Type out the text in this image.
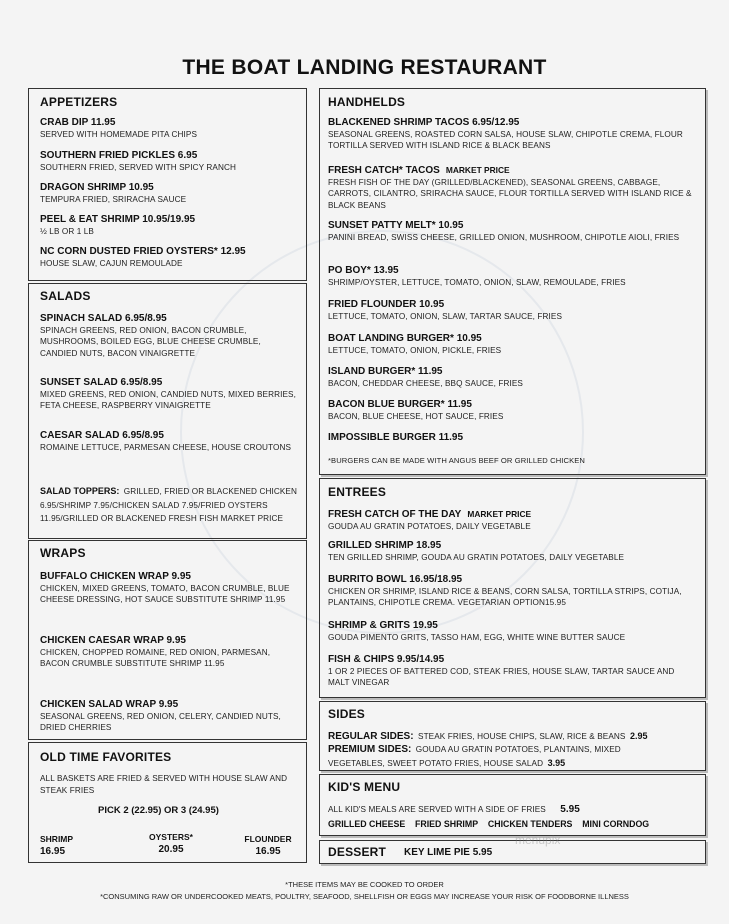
THE BOAT LANDING RESTAURANT
APPETIZERS
CRAB DIP 11.95
SERVED WITH HOMEMADE PITA CHIPS
SOUTHERN FRIED PICKLES 6.95
SOUTHERN FRIED, SERVED WITH SPICY RANCH
DRAGON SHRIMP 10.95
TEMPURA FRIED, SRIRACHA SAUCE
PEEL & EAT SHRIMP 10.95/19.95
½ LB OR 1 LB
NC CORN DUSTED FRIED OYSTERS* 12.95
HOUSE SLAW, CAJUN REMOULADE
SALADS
SPINACH SALAD 6.95/8.95
SPINACH GREENS, RED ONION, BACON CRUMBLE, MUSHROOMS, BOILED EGG, BLUE CHEESE CRUMBLE, CANDIED NUTS, BACON VINAIGRETTE
SUNSET SALAD 6.95/8.95
MIXED GREENS, RED ONION, CANDIED NUTS, MIXED BERRIES, FETA CHEESE, RASPBERRY VINAIGRETTE
CAESAR SALAD 6.95/8.95
ROMAINE LETTUCE, PARMESAN CHEESE, HOUSE CROUTONS
SALAD TOPPERS: GRILLED, FRIED OR BLACKENED CHICKEN 6.95/SHRIMP 7.95/CHICKEN SALAD 7.95/FRIED OYSTERS 11.95/GRILLED OR BLACKENED FRESH FISH MARKET PRICE
WRAPS
BUFFALO CHICKEN WRAP 9.95
CHICKEN, MIXED GREENS, TOMATO, BACON CRUMBLE, BLUE CHEESE DRESSING, HOT SAUCE SUBSTITUTE SHRIMP 11.95
CHICKEN CAESAR WRAP 9.95
CHICKEN, CHOPPED ROMAINE, RED ONION, PARMESAN, BACON CRUMBLE SUBSTITUTE SHRIMP 11.95
CHICKEN SALAD WRAP 9.95
SEASONAL GREENS, RED ONION, CELERY, CANDIED NUTS, DRIED CHERRIES
OLD TIME FAVORITES
ALL BASKETS ARE FRIED & SERVED WITH HOUSE SLAW AND STEAK FRIES
PICK 2 (22.95) OR 3 (24.95)
SHRIMP
16.95
OYSTERS*
20.95
FLOUNDER
16.95
HANDHELDS
BLACKENED SHRIMP TACOS 6.95/12.95
SEASONAL GREENS, ROASTED CORN SALSA, HOUSE SLAW, CHIPOTLE CREMA, FLOUR TORTILLA SERVED WITH ISLAND RICE & BLACK BEANS
FRESH CATCH* TACOS MARKET PRICE
FRESH FISH OF THE DAY (GRILLED/BLACKENED), SEASONAL GREENS, CABBAGE, CARROTS, CILANTRO, SRIRACHA SAUCE, FLOUR TORTILLA SERVED WITH ISLAND RICE & BLACK BEANS
SUNSET PATTY MELT* 10.95
PANINI BREAD, SWISS CHEESE, GRILLED ONION, MUSHROOM, CHIPOTLE AIOLI, FRIES
PO BOY* 13.95
SHRIMP/OYSTER, LETTUCE, TOMATO, ONION, SLAW, REMOULADE, FRIES
FRIED FLOUNDER 10.95
LETTUCE, TOMATO, ONION, SLAW, TARTAR SAUCE, FRIES
BOAT LANDING BURGER* 10.95
LETTUCE, TOMATO, ONION, PICKLE, FRIES
ISLAND BURGER* 11.95
BACON, CHEDDAR CHEESE, BBQ SAUCE, FRIES
BACON BLUE BURGER* 11.95
BACON, BLUE CHEESE, HOT SAUCE, FRIES
IMPOSSIBLE BURGER 11.95
*BURGERS CAN BE MADE WITH ANGUS BEEF OR GRILLED CHICKEN
ENTREES
FRESH CATCH OF THE DAY MARKET PRICE
GOUDA AU GRATIN POTATOES, DAILY VEGETABLE
GRILLED SHRIMP 18.95
TEN GRILLED SHRIMP, GOUDA AU GRATIN POTATOES, DAILY VEGETABLE
BURRITO BOWL 16.95/18.95
CHICKEN OR SHRIMP, ISLAND RICE & BEANS, CORN SALSA, TORTILLA STRIPS, COTIJA, PLANTAINS, CHIPOTLE CREMA. VEGETARIAN OPTION15.95
SHRIMP & GRITS 19.95
GOUDA PIMENTO GRITS, TASSO HAM, EGG, WHITE WINE BUTTER SAUCE
FISH & CHIPS 9.95/14.95
1 OR 2 PIECES OF BATTERED COD, STEAK FRIES, HOUSE SLAW, TARTAR SAUCE AND MALT VINEGAR
SIDES
REGULAR SIDES: STEAK FRIES, HOUSE CHIPS, SLAW, RICE & BEANS 2.95
PREMIUM SIDES: GOUDA AU GRATIN POTATOES, PLANTAINS, MIXED VEGETABLES, SWEET POTATO FRIES, HOUSE SALAD 3.95
KID'S MENU
ALL KID'S MEALS ARE SERVED WITH A SIDE OF FRIES 5.95
GRILLED CHEESE FRIED SHRIMP CHICKEN TENDERS MINI CORNDOG
DESSERT KEY LIME PIE 5.95
menupix
*THESE ITEMS MAY BE COOKED TO ORDER
*CONSUMING RAW OR UNDERCOOKED MEATS, POULTRY, SEAFOOD, SHELLFISH OR EGGS MAY INCREASE YOUR RISK OF FOODBORNE ILLNESS
